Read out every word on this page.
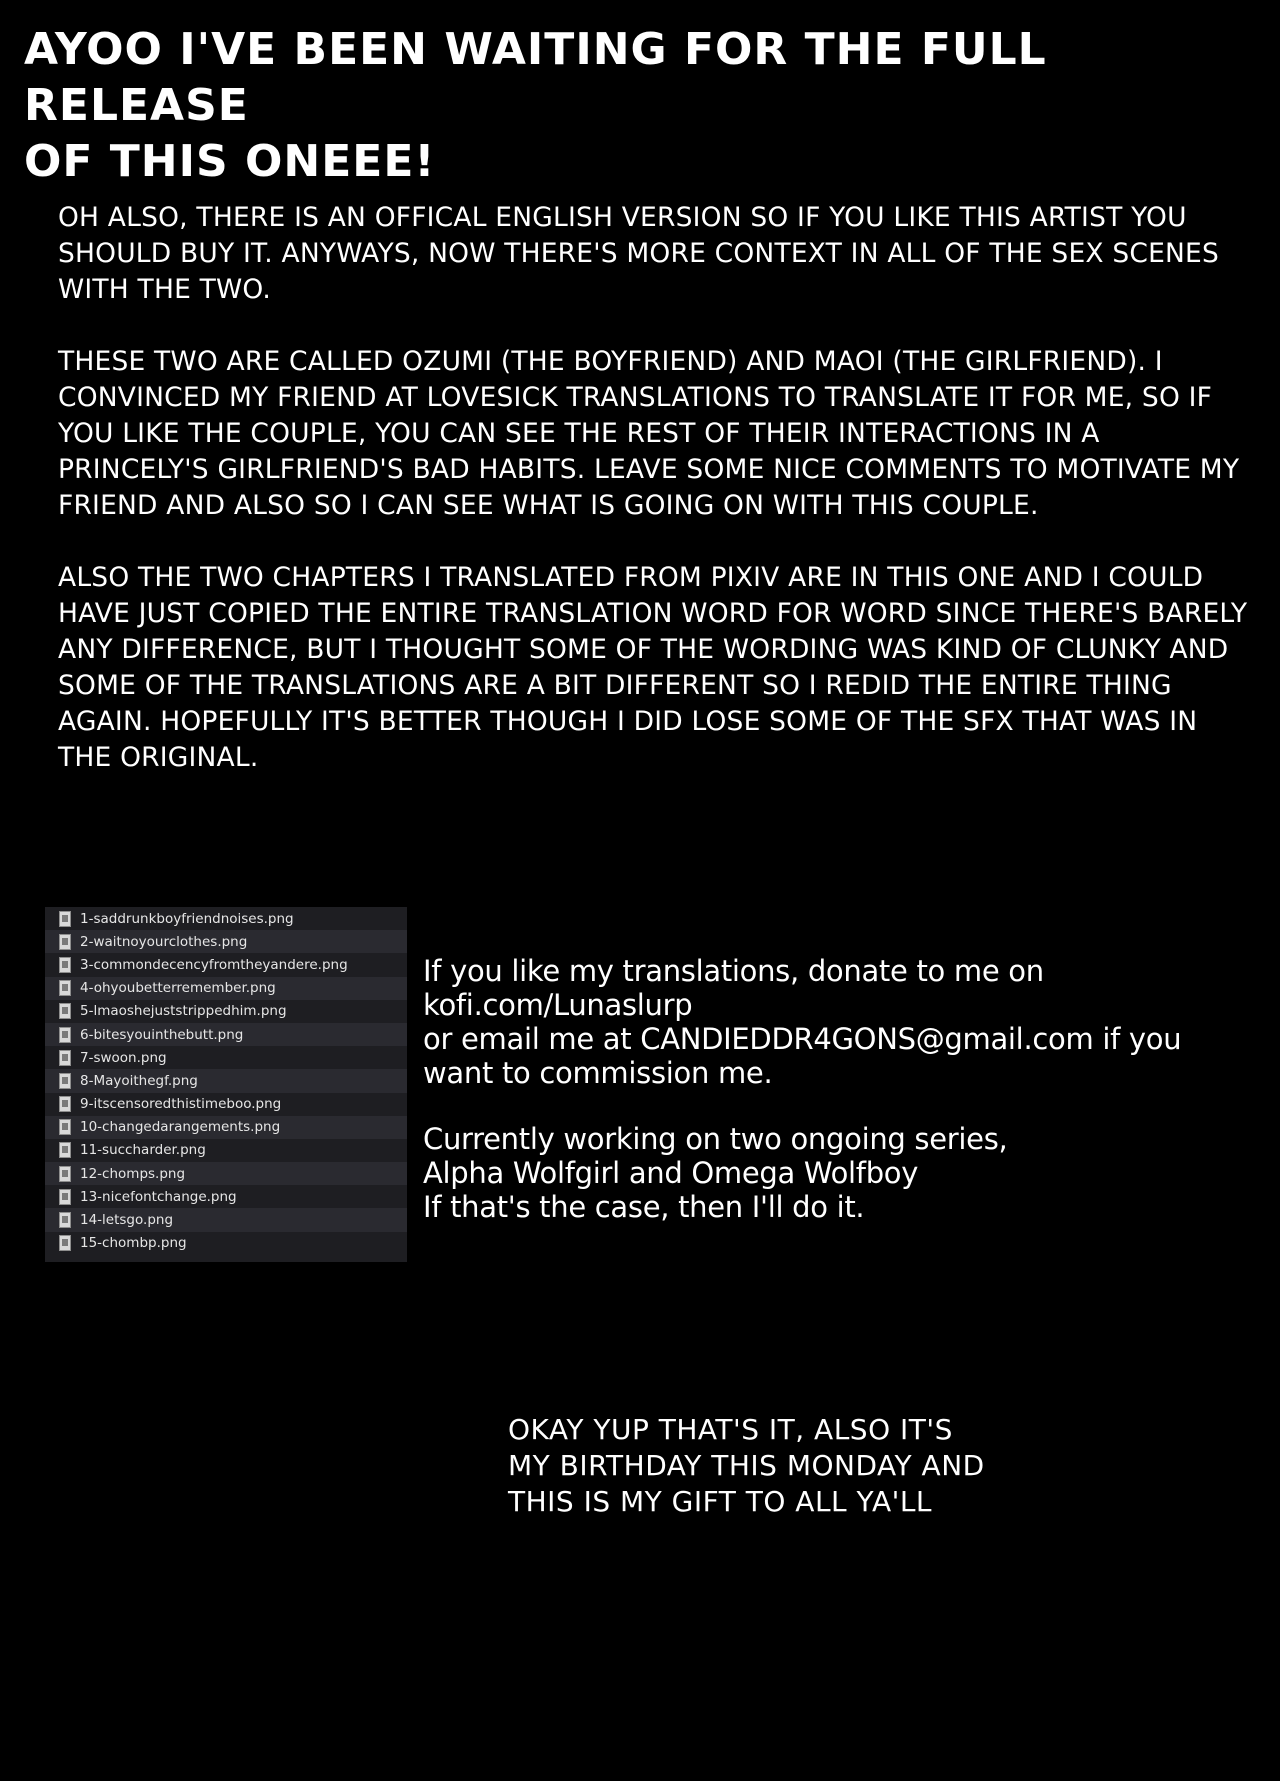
AYOO I'VE BEEN WAITING FOR THE FULL RELEASE
OF THIS ONEEE!

OH ALSO, THERE IS AN OFFICAL ENGLISH VERSION SO IF YOU LIKE THIS ARTIST YOU SHOULD BUY IT. ANYWAYS, NOW THERE'S MORE CONTEXT IN ALL OF THE SEX SCENES WITH THE TWO.

THESE TWO ARE CALLED OZUMI (THE BOYFRIEND) AND MAOI (THE GIRLFRIEND). I CONVINCED MY FRIEND AT LOVESICK TRANSLATIONS TO TRANSLATE IT FOR ME, SO IF YOU LIKE THE COUPLE, YOU CAN SEE THE REST OF THEIR INTERACTIONS IN A PRINCELY'S GIRLFRIEND'S BAD HABITS. LEAVE SOME NICE COMMENTS TO MOTIVATE MY FRIEND AND ALSO SO I CAN SEE WHAT IS GOING ON WITH THIS COUPLE.

ALSO THE TWO CHAPTERS I TRANSLATED FROM PIXIV ARE IN THIS ONE AND I COULD HAVE JUST COPIED THE ENTIRE TRANSLATION WORD FOR WORD SINCE THERE'S BARELY ANY DIFFERENCE, BUT I THOUGHT SOME OF THE WORDING WAS KIND OF CLUNKY AND SOME OF THE TRANSLATIONS ARE A BIT DIFFERENT SO I REDID THE ENTIRE THING AGAIN. HOPEFULLY IT'S BETTER THOUGH I DID LOSE SOME OF THE SFX THAT WAS IN THE ORIGINAL.

1-saddrunkboyfriendnoises.png
2-waitnoyourclothes.png
3-commondecencyfromtheyandere.png
4-ohyoubetterremember.png
5-lmaoshejuststrippedhim.png
6-bitesyouinthebutt.png
7-swoon.png
8-Mayoithegf.png
9-itscensoredthistimeboo.png
10-changedarangements.png
11-succharder.png
12-chomps.png
13-nicefontchange.png
14-letsgo.png
15-chombp.png

If you like my translations, donate to me on

kofi.com/Lunaslurp

or email me at CANDIEDDR4GONS@gmail.com if you

want to commission me.

Currently working on two ongoing series,

Alpha Wolfgirl and Omega Wolfboy

If that's the case, then I'll do it.

OKAY YUP THAT'S IT, ALSO IT'S
MY BIRTHDAY THIS MONDAY AND
THIS IS MY GIFT TO ALL YA'LL
